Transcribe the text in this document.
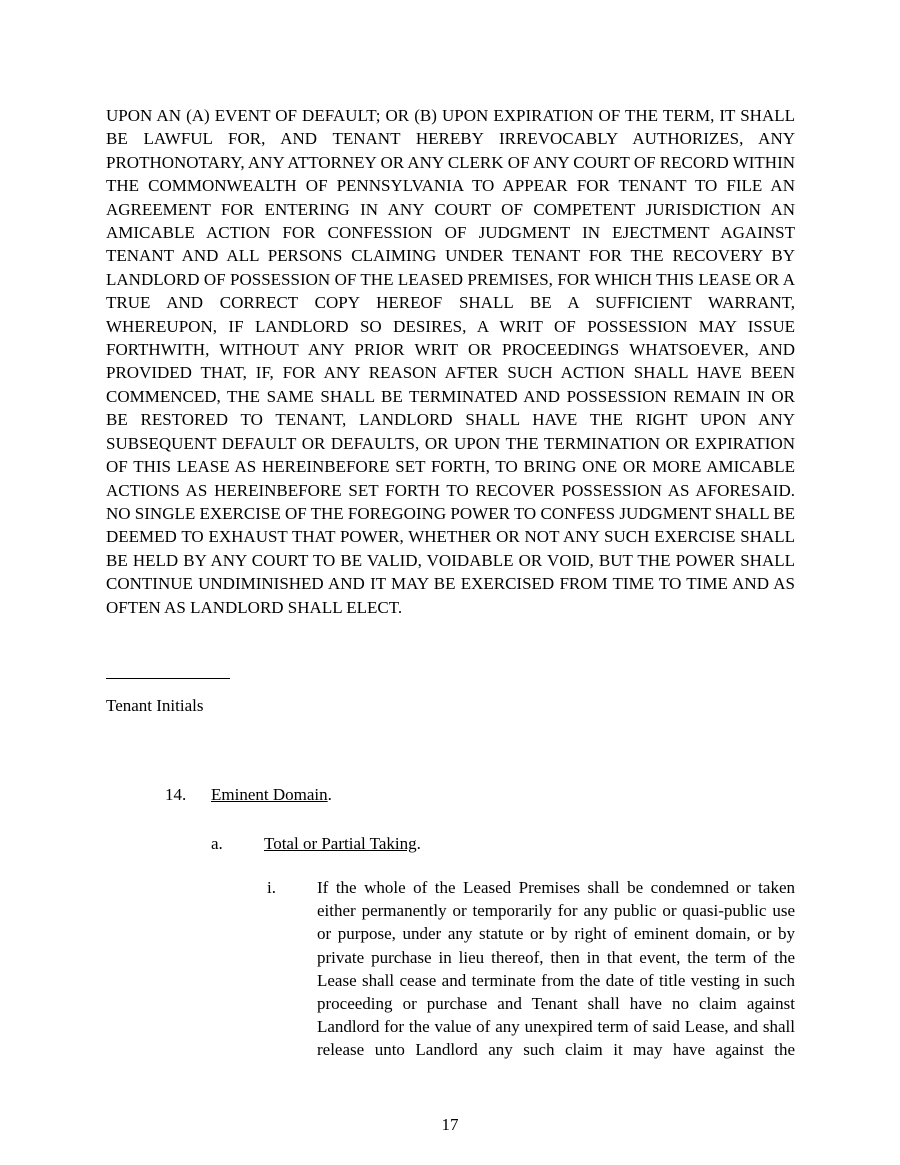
UPON AN (A) EVENT OF DEFAULT; OR (B) UPON EXPIRATION OF THE TERM, IT SHALL BE LAWFUL FOR, AND TENANT HEREBY IRREVOCABLY AUTHORIZES, ANY PROTHONOTARY, ANY ATTORNEY OR ANY CLERK OF ANY COURT OF RECORD WITHIN THE COMMONWEALTH OF PENNSYLVANIA TO APPEAR FOR TENANT TO FILE AN AGREEMENT FOR ENTERING IN ANY COURT OF COMPETENT JURISDICTION AN AMICABLE ACTION FOR CONFESSION OF JUDGMENT IN EJECTMENT AGAINST TENANT AND ALL PERSONS CLAIMING UNDER TENANT FOR THE RECOVERY BY LANDLORD OF POSSESSION OF THE LEASED PREMISES, FOR WHICH THIS LEASE OR A TRUE AND CORRECT COPY HEREOF SHALL BE A SUFFICIENT WARRANT, WHEREUPON, IF LANDLORD SO DESIRES, A WRIT OF POSSESSION MAY ISSUE FORTHWITH, WITHOUT ANY PRIOR WRIT OR PROCEEDINGS WHATSOEVER, AND PROVIDED THAT, IF, FOR ANY REASON AFTER SUCH ACTION SHALL HAVE BEEN COMMENCED, THE SAME SHALL BE TERMINATED AND POSSESSION REMAIN IN OR BE RESTORED TO TENANT, LANDLORD SHALL HAVE THE RIGHT UPON ANY SUBSEQUENT DEFAULT OR DEFAULTS, OR UPON THE TERMINATION OR EXPIRATION OF THIS LEASE AS HEREINBEFORE SET FORTH, TO BRING ONE OR MORE AMICABLE ACTIONS AS HEREINBEFORE SET FORTH TO RECOVER POSSESSION AS AFORESAID. NO SINGLE EXERCISE OF THE FOREGOING POWER TO CONFESS JUDGMENT SHALL BE DEEMED TO EXHAUST THAT POWER, WHETHER OR NOT ANY SUCH EXERCISE SHALL BE HELD BY ANY COURT TO BE VALID, VOIDABLE OR VOID, BUT THE POWER SHALL CONTINUE UNDIMINISHED AND IT MAY BE EXERCISED FROM TIME TO TIME AND AS OFTEN AS LANDLORD SHALL ELECT.

Tenant Initials

14. Eminent Domain.
a. Total or Partial Taking.
i. If the whole of the Leased Premises shall be condemned or taken either permanently or temporarily for any public or quasi-public use or purpose, under any statute or by right of eminent domain, or by private purchase in lieu thereof, then in that event, the term of the Lease shall cease and terminate from the date of title vesting in such proceeding or purchase and Tenant shall have no claim against Landlord for the value of any unexpired term of said Lease, and shall release unto Landlord any such claim it may have against the

17
